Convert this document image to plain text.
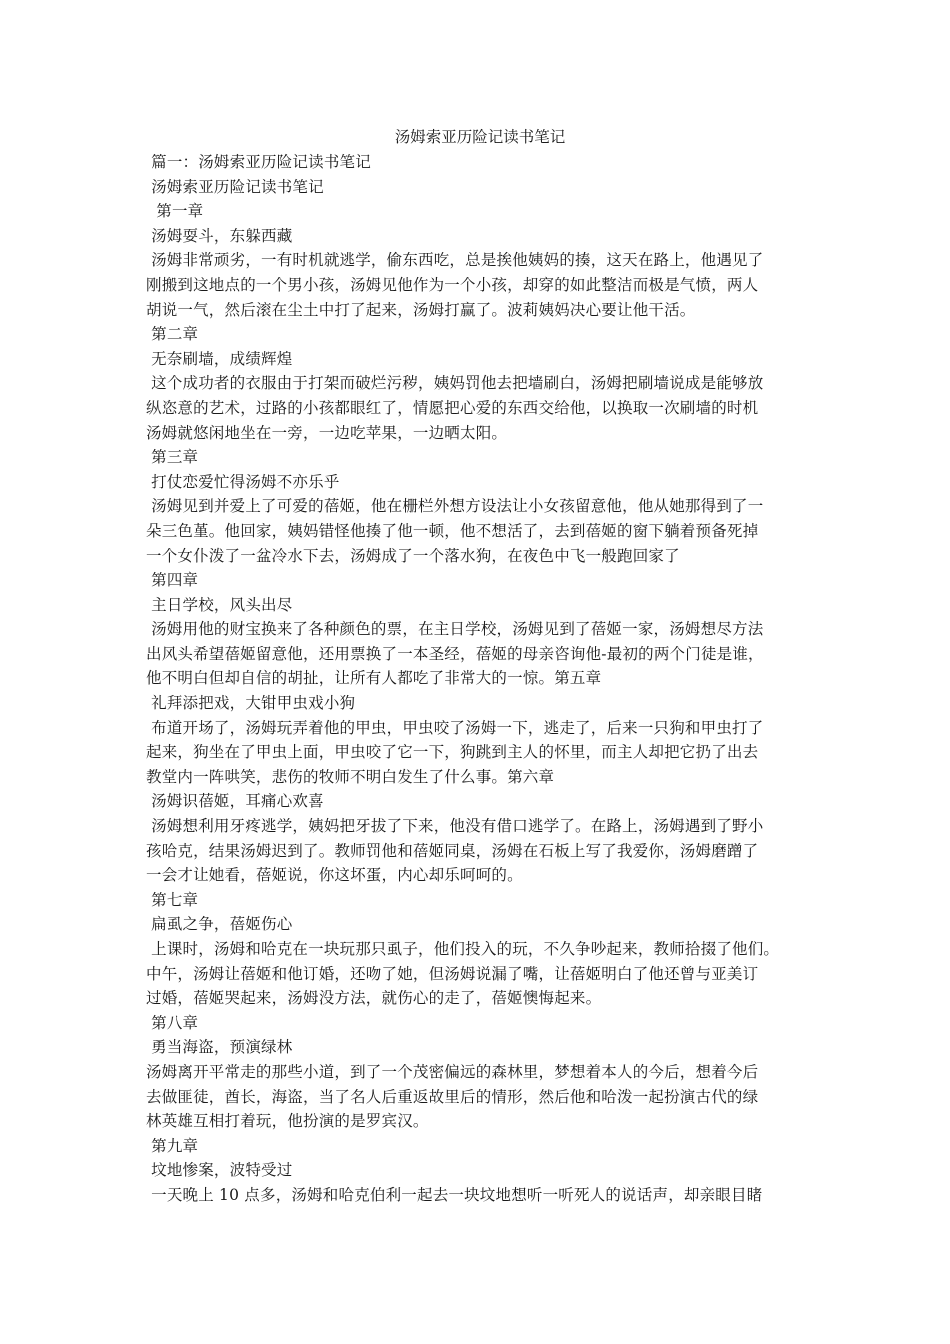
汤姆索亚历险记读书笔记

篇一：汤姆索亚历险记读书笔记

汤姆索亚历险记读书笔记

第一章

汤姆耍斗，东躲西藏

汤姆非常顽劣，一有时机就逃学，偷东西吃，总是挨他姨妈的揍，这天在路上，他遇见了

刚搬到这地点的一个男小孩，汤姆见他作为一个小孩，却穿的如此整洁而极是气愤，两人

胡说一气，然后滚在尘土中打了起来，汤姆打赢了。波莉姨妈决心要让他干活。

第二章

无奈刷墙，成绩辉煌

这个成功者的衣服由于打架而破烂污秽，姨妈罚他去把墙刷白，汤姆把刷墙说成是能够放

纵恣意的艺术，过路的小孩都眼红了，情愿把心爱的东西交给他，以换取一次刷墙的时机

汤姆就悠闲地坐在一旁，一边吃苹果，一边晒太阳。

第三章

打仗恋爱忙得汤姆不亦乐乎

汤姆见到并爱上了可爱的蓓姬，他在栅栏外想方设法让小女孩留意他，他从她那得到了一

朵三色堇。他回家，姨妈错怪他揍了他一顿，他不想活了，去到蓓姬的窗下躺着预备死掉

一个女仆泼了一盆冷水下去，汤姆成了一个落水狗，在夜色中飞一般跑回家了

第四章

主日学校，风头出尽

汤姆用他的财宝换来了各种颜色的票，在主日学校，汤姆见到了蓓姬一家，汤姆想尽方法

出风头希望蓓姬留意他，还用票换了一本圣经，蓓姬的母亲咨询他-最初的两个门徒是谁，

他不明白但却自信的胡扯，让所有人都吃了非常大的一惊。第五章

礼拜添把戏，大钳甲虫戏小狗

布道开场了，汤姆玩弄着他的甲虫，甲虫咬了汤姆一下，逃走了，后来一只狗和甲虫打了

起来，狗坐在了甲虫上面，甲虫咬了它一下，狗跳到主人的怀里，而主人却把它扔了出去

教堂内一阵哄笑，悲伤的牧师不明白发生了什么事。第六章

汤姆识蓓姬，耳痛心欢喜

汤姆想利用牙疼逃学，姨妈把牙拔了下来，他没有借口逃学了。在路上，汤姆遇到了野小

孩哈克，结果汤姆迟到了。教师罚他和蓓姬同桌，汤姆在石板上写了我爱你，汤姆磨蹭了

一会才让她看，蓓姬说，你这坏蛋，内心却乐呵呵的。

第七章

扁虱之争，蓓姬伤心

上课时，汤姆和哈克在一块玩那只虱子，他们投入的玩，不久争吵起来，教师拾掇了他们。

中午，汤姆让蓓姬和他订婚，还吻了她，但汤姆说漏了嘴，让蓓姬明白了他还曾与亚美订

过婚，蓓姬哭起来，汤姆没方法，就伤心的走了，蓓姬懊悔起来。

第八章

勇当海盗，预演绿林

汤姆离开平常走的那些小道，到了一个茂密偏远的森林里，梦想着本人的今后，想着今后

去做匪徒，酋长，海盗，当了名人后重返故里后的情形，然后他和哈泼一起扮演古代的绿

林英雄互相打着玩，他扮演的是罗宾汉。

第九章

坟地惨案，波特受过

一天晚上 10 点多，汤姆和哈克伯利一起去一块坟地想听一听死人的说话声，却亲眼目睹
